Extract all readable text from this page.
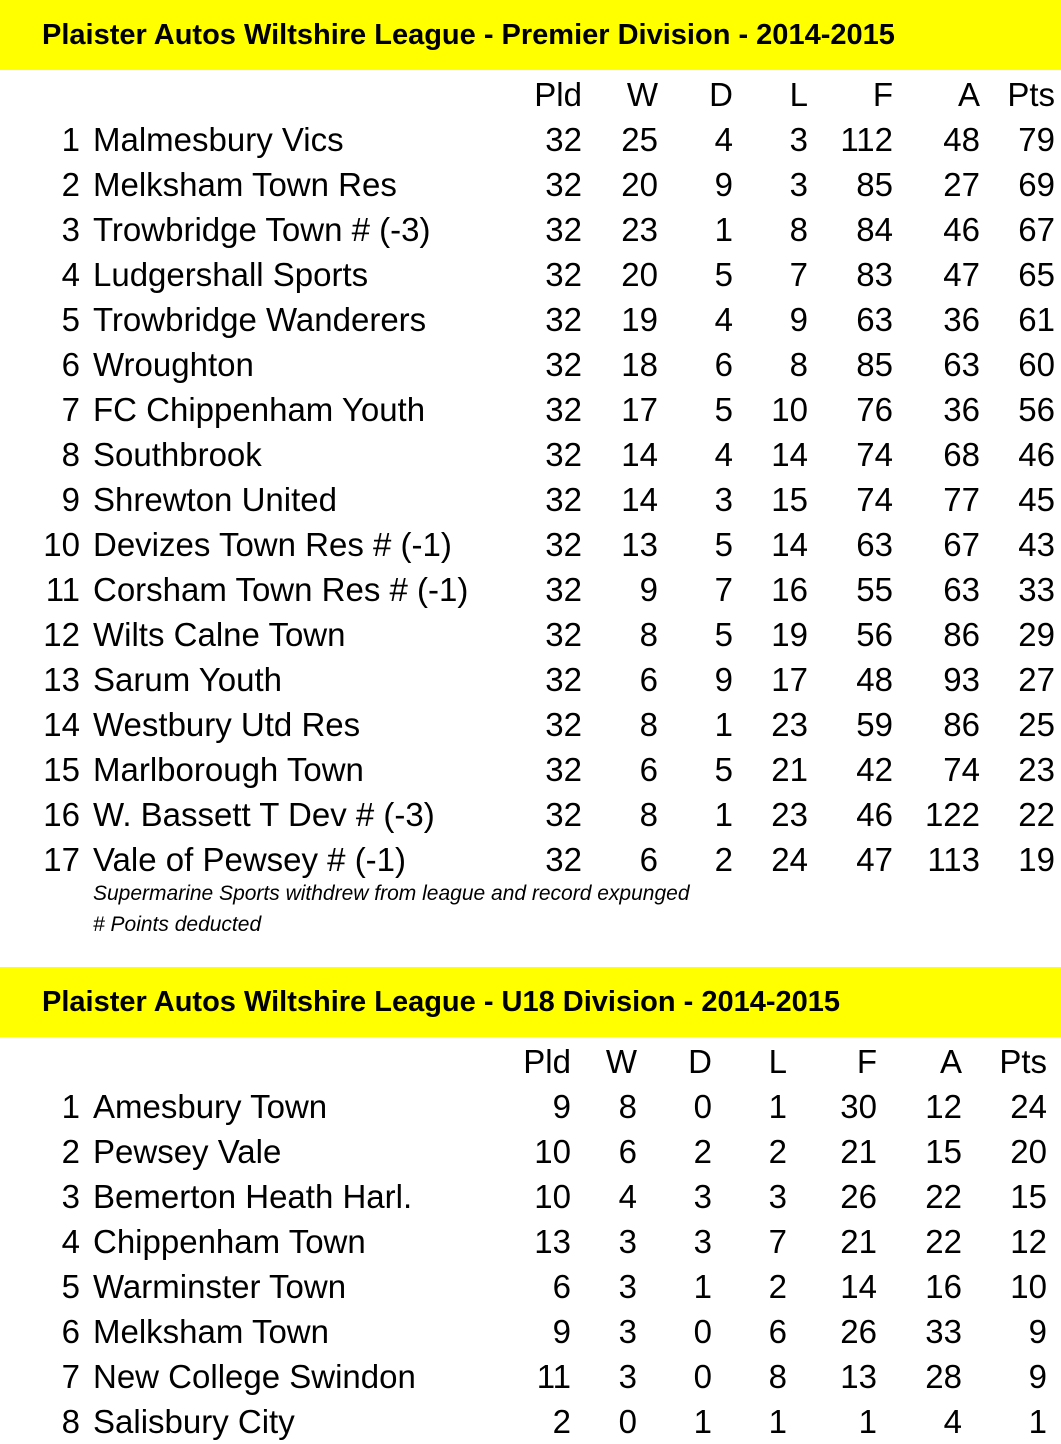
Plaister Autos Wiltshire League - Premier Division - 2014-2015
Pld W D L F A Pts
1 Malmesbury Vics	32 25 4 3 112 48 79
2 Melksham Town Res	32 20 9 3 85 27 69
3 Trowbridge Town # (-3)	32 23 1 8 84 46 67
4 Ludgershall Sports	32 20 5 7 83 47 65
5 Trowbridge Wanderers	32 19 4 9 63 36 61
6 Wroughton	32 18 6 8 85 63 60
7 FC Chippenham Youth	32 17 5 10 76 36 56
8 Southbrook	32 14 4 14 74 68 46
9 Shrewton United	32 14 3 15 74 77 45
10 Devizes Town Res # (-1)	32 13 5 14 63 67 43
11 Corsham Town Res # (-1) 32 9 7 16 55 63 33
12 Wilts Calne Town	32 8 5 19 56 86 29
13 Sarum Youth	32 6 9 17 48 93 27
14 Westbury Utd Res	32 8 1 23 59 86 25
15 Marlborough Town	32 6 5 21 42 74 23
16 W. Bassett T Dev # (-3)	32 8 1 23 46 122 22
17 Vale of Pewsey # (-1)	32 6 2 24 47 113 19
Supermarine Sports withdrew from league and record expunged
# Points deducted
Plaister Autos Wiltshire League - U18 Division - 2014-2015
Pld W D L F A Pts
1 Amesbury Town	9 8 0 1 30 12 24
2 Pewsey Vale	10 6 2 2 21 15 20
3 Bemerton Heath Harl.	10 4 3 3 26 22 15
4 Chippenham Town	13 3 3 7 21 22 12
5 Warminster Town	6 3 1 2 14 16 10
6 Melksham Town	9 3 0 6 26 33 9
7 New College Swindon	11 3 0 8 13 28 9
8 Salisbury City	2 0 1 1 1 4 1
